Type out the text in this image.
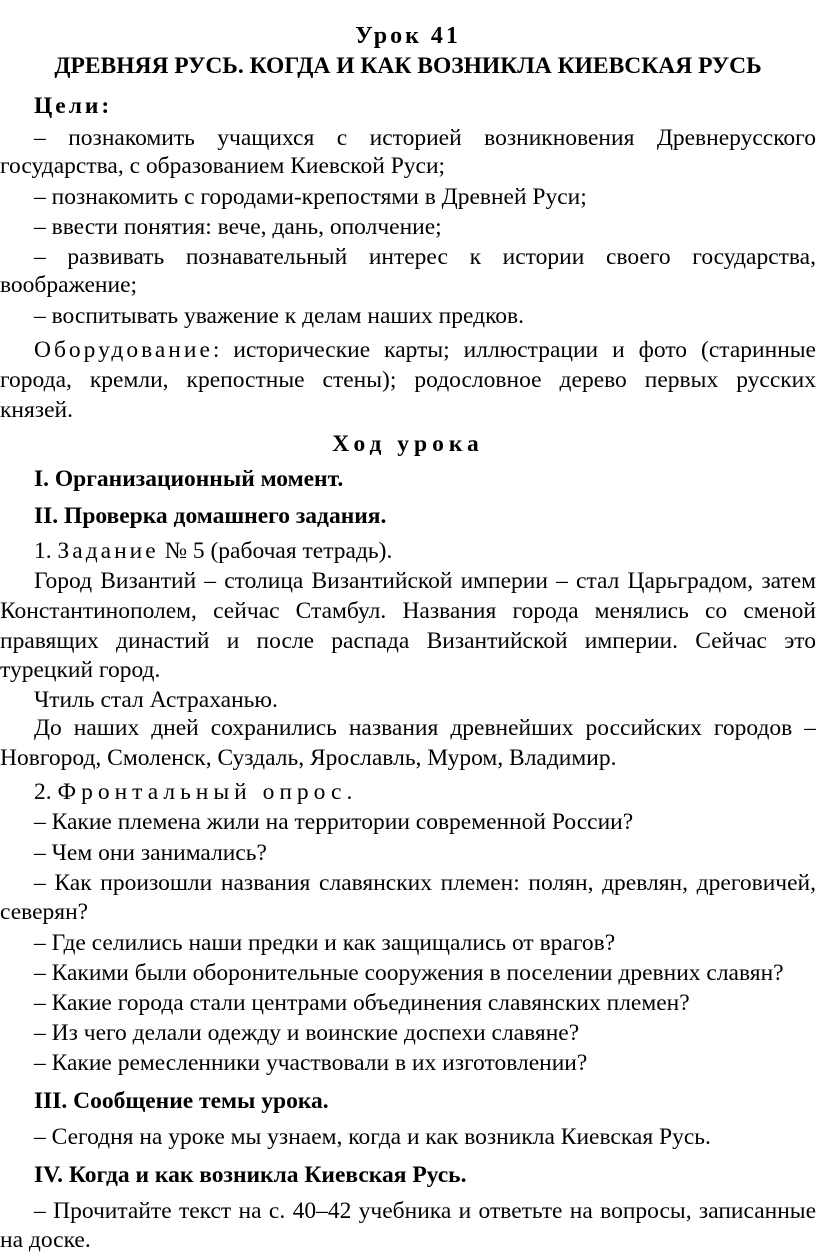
Урок 41
ДРЕВНЯЯ РУСЬ. КОГДА И КАК ВОЗНИКЛА КИЕВСКАЯ РУСЬ
Цели:
– познакомить учащихся с историей возникновения Древнерусского
государства, с образованием Киевской Руси;
– познакомить с городами-крепостями в Древней Руси;
– ввести понятия: вече, дань, ополчение;
– развивать познавательный интерес к истории своего государства,
воображение;
– воспитывать уважение к делам наших предков.
Оборудование: исторические карты; иллюстрации и фото (старинные
города, кремли, крепостные стены); родословное дерево первых русских
князей.
Ход урока
I. Организационный момент.
II. Проверка домашнего задания.
1. Задание № 5 (рабочая тетрадь).
Город Византий – столица Византийской империи – стал Царьградом, затем
Константинополем, сейчас Стамбул. Названия города менялись со сменой
правящих династий и после распада Византийской империи. Сейчас это
турецкий город.
Чтиль стал Астраханью.
До наших дней сохранились названия древнейших российских городов –
Новгород, Смоленск, Суздаль, Ярославль, Муром, Владимир.
2. Фронтальный опрос.
– Какие племена жили на территории современной России?
– Чем они занимались?
– Как произошли названия славянских племен: полян, древлян, дреговичей,
северян?
– Где селились наши предки и как защищались от врагов?
– Какими были оборонительные сооружения в поселении древних славян?
– Какие города стали центрами объединения славянских племен?
– Из чего делали одежду и воинские доспехи славяне?
– Какие ремесленники участвовали в их изготовлении?
III. Сообщение темы урока.
– Сегодня на уроке мы узнаем, когда и как возникла Киевская Русь.
IV. Когда и как возникла Киевская Русь.
– Прочитайте текст на с. 40–42 учебника и ответьте на вопросы, записанные
на доске.
